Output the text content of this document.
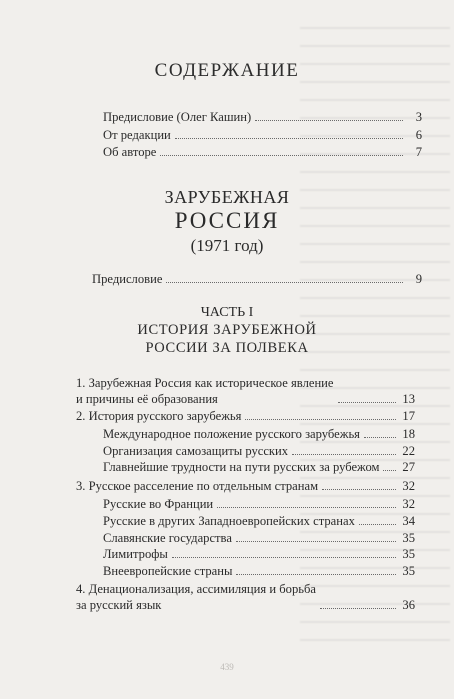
СОДЕРЖАНИЕ
Предисловие (Олег Кашин)	3
От редакции	6
Об авторе	7
ЗАРУБЕЖНАЯ
РОССИЯ
(1971 год)
Предисловие	9
ЧАСТЬ I
ИСТОРИЯ ЗАРУБЕЖНОЙ
РОССИИ ЗА ПОЛВЕКА
1. Зарубежная Россия как историческое явление
и причины её образования	13
2. История русского зарубежья	17
Международное положение русского зарубежья	18
Организация самозащиты русских	22
Главнейшие трудности на пути русских за рубежом 27
3. Русское расселение по отдельным странам	32
Русские во Франции	32
Русские в других Западноевропейских странах	34
Славянские государства	35
Лимитрофы	35
Внеевропейские страны	35
4. Денационализация, ассимиляция и борьба
за русский язык	36
439
